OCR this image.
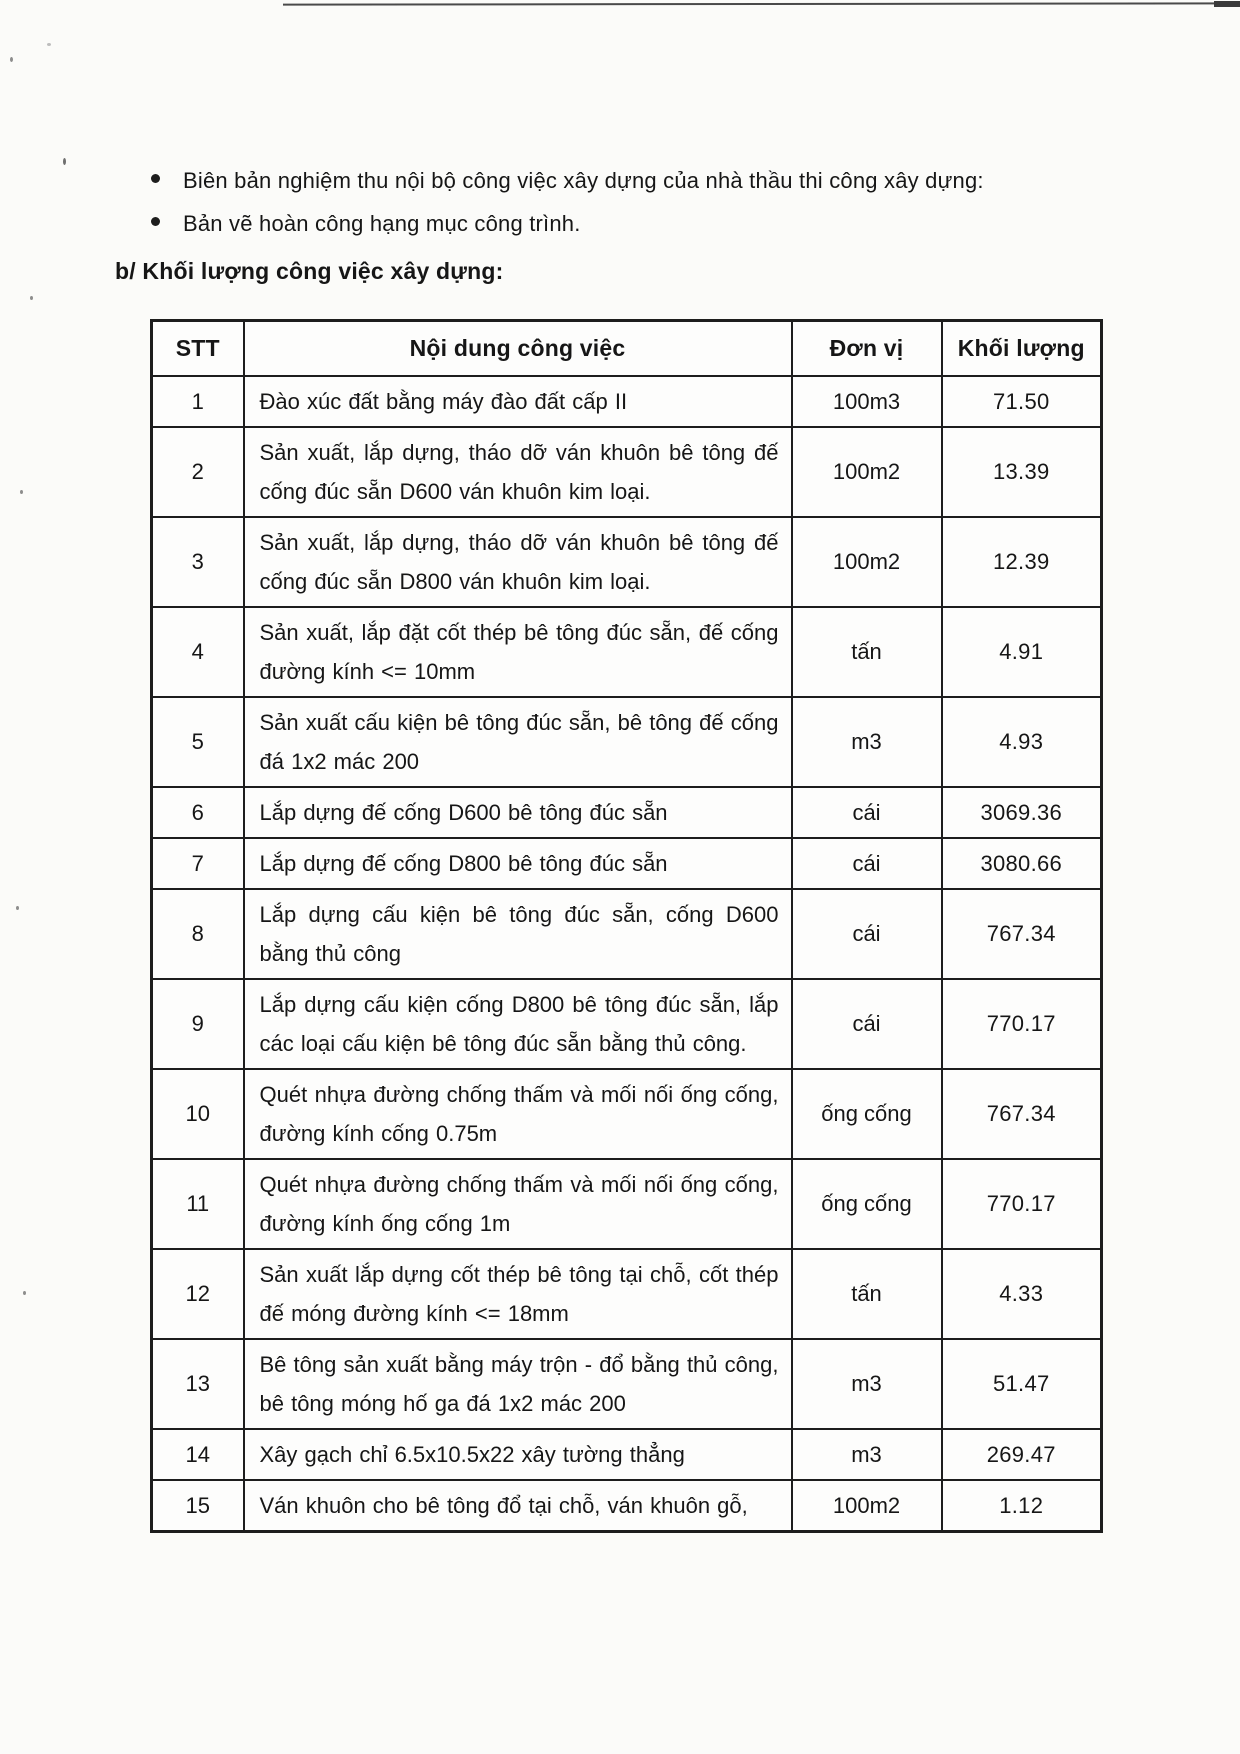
Biên bản nghiệm thu nội bộ công việc xây dựng của nhà thầu thi công xây dựng:
Bản vẽ hoàn công hạng mục công trình.
b/ Khối lượng công việc xây dựng:
STT	Nội dung công việc	Đơn vị	Khối lượng
1	Đào xúc đất bằng máy đào đất cấp II	100m3	71.50
2	Sản xuất, lắp dựng, tháo dỡ ván khuôn bê tông đế cống đúc sẵn D600 ván khuôn kim loại.	100m2	13.39
3	Sản xuất, lắp dựng, tháo dỡ ván khuôn bê tông đế cống đúc sẵn D800 ván khuôn kim loại.	100m2	12.39
4	Sản xuất, lắp đặt cốt thép bê tông đúc sẵn, đế cống đường kính <= 10mm	tấn	4.91
5	Sản xuất cấu kiện bê tông đúc sẵn, bê tông đế cống đá 1x2 mác 200	m3	4.93
6	Lắp dựng đế cống D600 bê tông đúc sẵn	cái	3069.36
7	Lắp dựng đế cống D800 bê tông đúc sẵn	cái	3080.66
8	Lắp dựng cấu kiện bê tông đúc sẵn, cống D600 bằng thủ công	cái	767.34
9	Lắp dựng cấu kiện cống D800 bê tông đúc sẵn, lắp các loại cấu kiện bê tông đúc sẵn bằng thủ công.	cái	770.17
10	Quét nhựa đường chống thấm và mối nối ống cống, đường kính cống 0.75m	ống cống	767.34
11	Quét nhựa đường chống thấm và mối nối ống cống, đường kính ống cống 1m	ống cống	770.17
12	Sản xuất lắp dựng cốt thép bê tông tại chỗ, cốt thép đế móng đường kính <= 18mm	tấn	4.33
13	Bê tông sản xuất bằng máy trộn - đổ bằng thủ công, bê tông móng hố ga đá 1x2 mác 200	m3	51.47
14	Xây gạch chỉ 6.5x10.5x22 xây tường thẳng	m3	269.47
15	Ván khuôn cho bê tông đổ tại chỗ, ván khuôn gỗ,	100m2	1.12
